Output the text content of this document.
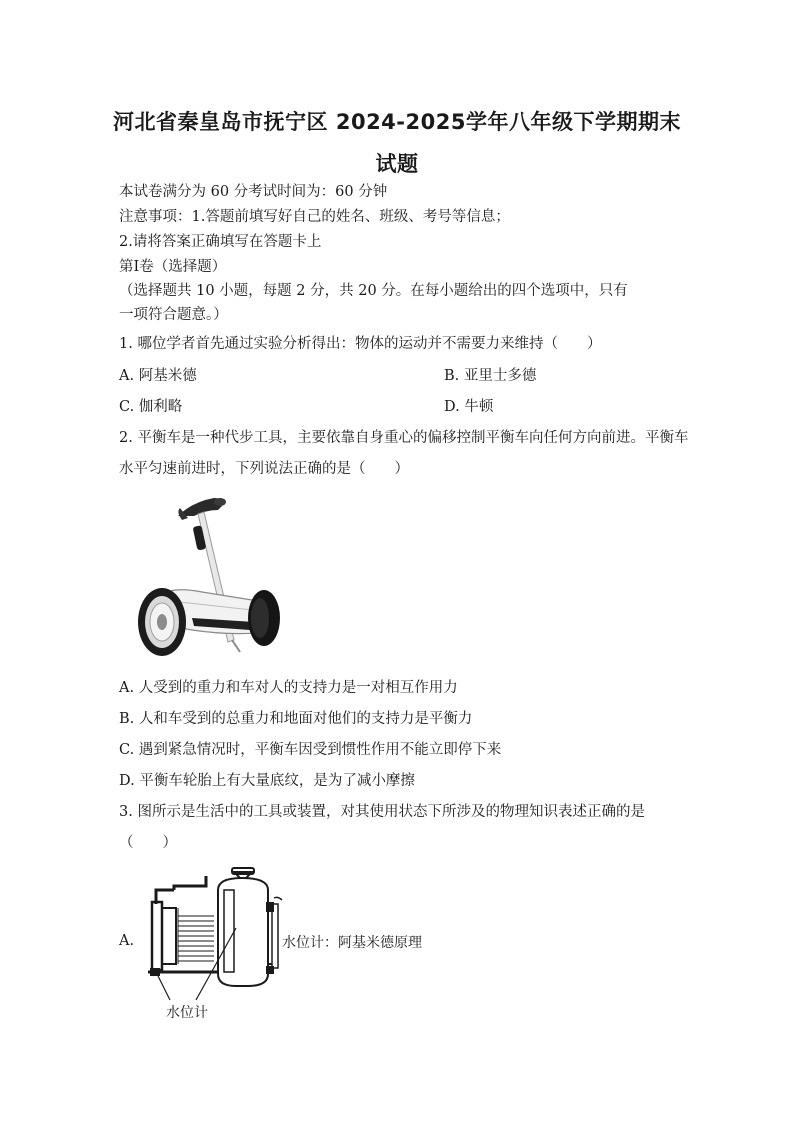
河北省秦皇岛市抚宁区 2024-2025学年八年级下学期期末
试题
本试卷满分为 60 分考试时间为：60 分钟
注意事项：1.答题前填写好自己的姓名、班级、考号等信息；
2.请将答案正确填写在答题卡上
第Ⅰ卷（选择题）
（选择题共 10 小题，每题 2 分，共 20 分。在每小题给出的四个选项中，只有
一项符合题意。）
1. 哪位学者首先通过实验分析得出：物体的运动并不需要力来维持（　　）
A. 阿基米德	B. 亚里士多德
C. 伽利略	D. 牛顿
2. 平衡车是一种代步工具，主要依靠自身重心的偏移控制平衡车向任何方向前进。平衡车
水平匀速前进时，下列说法正确的是（　　）
A. 人受到的重力和车对人的支持力是一对相互作用力
B. 人和车受到的总重力和地面对他们的支持力是平衡力
C. 遇到紧急情况时，平衡车因受到惯性作用不能立即停下来
D. 平衡车轮胎上有大量底纹，是为了减小摩擦
3. 图所示是生活中的工具或装置，对其使用状态下所涉及的物理知识表述正确的是
（　　）
A.
水位计
水位计：阿基米德原理
